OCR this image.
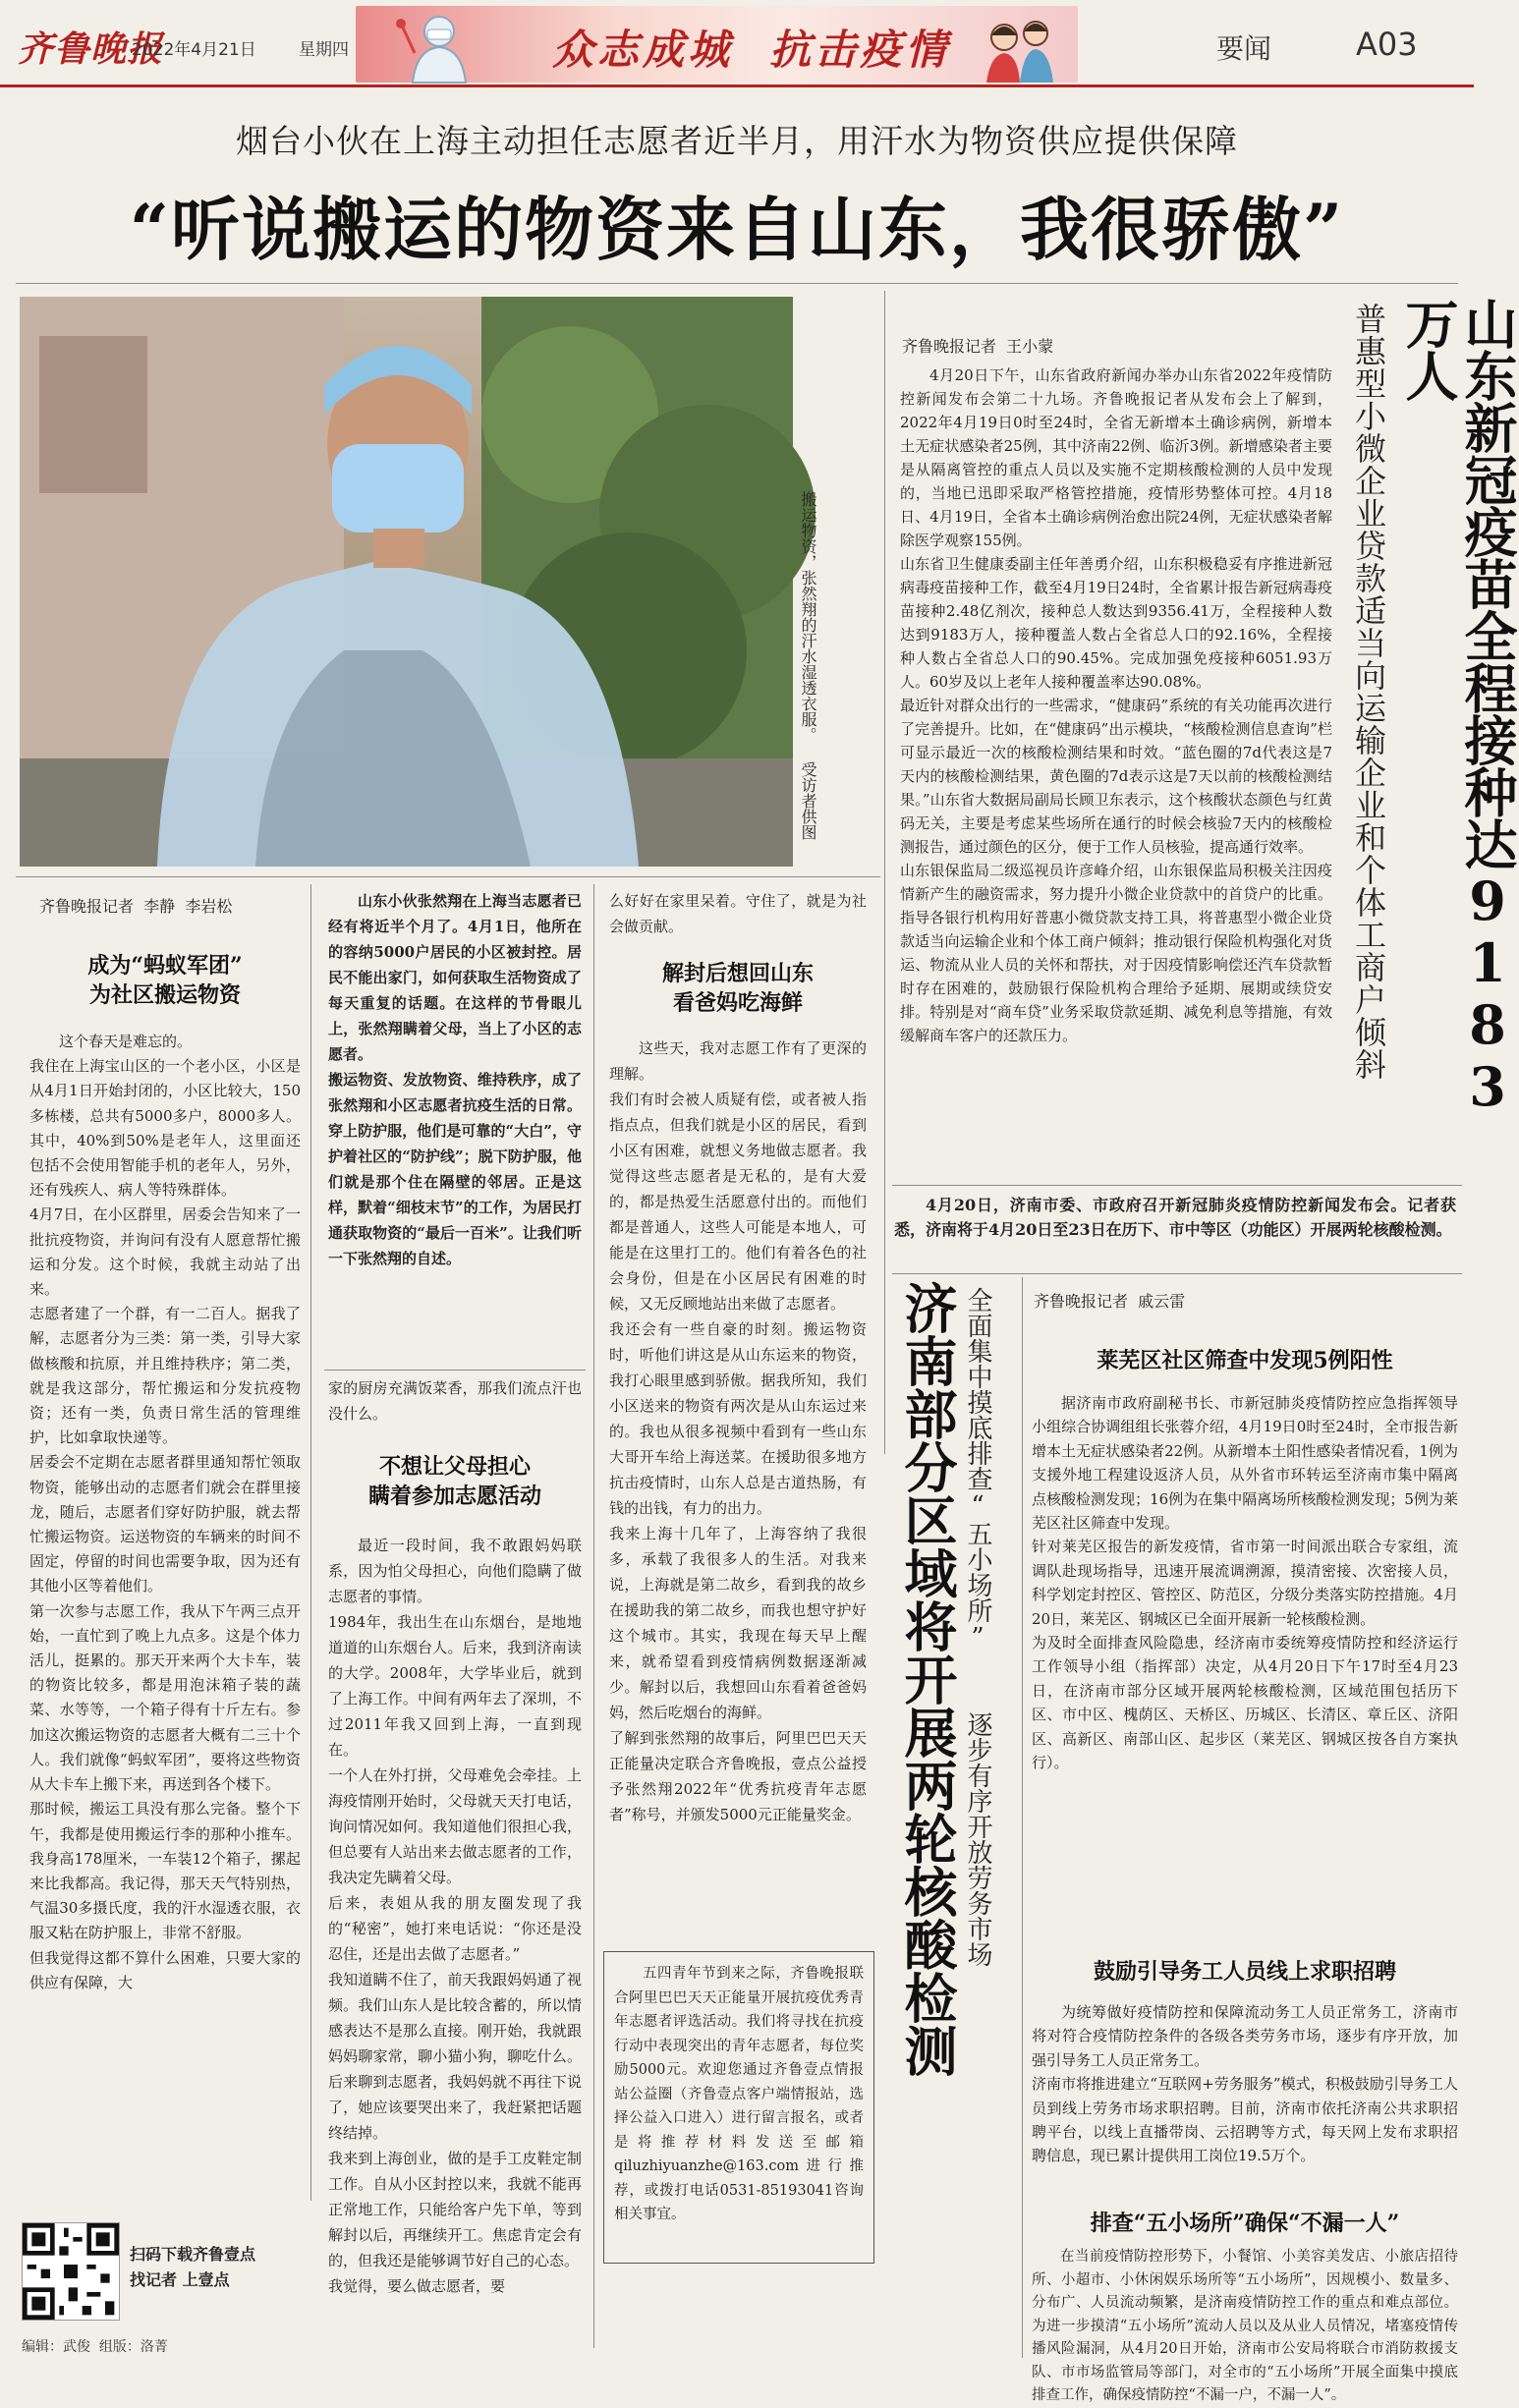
齐鲁晚报
2022年4月21日	星期四	众志成城  抗击疫情	要闻	A03
烟台小伙在上海主动担任志愿者近半月，用汗水为物资供应提供保障
“听说搬运的物资来自山东，我很骄傲”
搬运物资，张然翔的汗水湿透衣服。 受访者供图
齐鲁晚报记者  李静  李岩松
成为“蚂蚁军团”
为社区搬运物资
这个春天是难忘的。
我住在上海宝山区的一个老小区，小区是从4月1日开始封闭的，小区比较大，150多栋楼，总共有5000多户，8000多人。其中，40%到50%是老年人，这里面还包括不会使用智能手机的老年人，另外，还有残疾人、病人等特殊群体。
4月7日，在小区群里，居委会告知来了一批抗疫物资，并询问有没有人愿意帮忙搬运和分发。这个时候，我就主动站了出来。
志愿者建了一个群，有一二百人。据我了解，志愿者分为三类：第一类，引导大家做核酸和抗原，并且维持秩序；第二类，就是我这部分，帮忙搬运和分发抗疫物资；还有一类，负责日常生活的管理维护，比如拿取快递等。
居委会不定期在志愿者群里通知帮忙领取物资，能够出动的志愿者们就会在群里接龙，随后，志愿者们穿好防护服，就去帮忙搬运物资。运送物资的车辆来的时间不固定，停留的时间也需要争取，因为还有其他小区等着他们。
第一次参与志愿工作，我从下午两三点开始，一直忙到了晚上九点多。这是个体力活儿，挺累的。那天开来两个大卡车，装的物资比较多，都是用泡沫箱子装的蔬菜、水等等，一个箱子得有十斤左右。参加这次搬运物资的志愿者大概有二三十个人。我们就像“蚂蚁军团”，要将这些物资从大卡车上搬下来，再送到各个楼下。
那时候，搬运工具没有那么完备。整个下午，我都是使用搬运行李的那种小推车。我身高178厘米，一车装12个箱子，摞起来比我都高。我记得，那天天气特别热，气温30多摄氏度，我的汗水湿透衣服，衣服又粘在防护服上，非常不舒服。
但我觉得这都不算什么困难，只要大家的供应有保障，大
山东小伙张然翔在上海当志愿者已经有将近半个月了。4月1日，他所在的容纳5000户居民的小区被封控。居民不能出家门，如何获取生活物资成了每天重复的话题。在这样的节骨眼儿上，张然翔瞒着父母，当上了小区的志愿者。
搬运物资、发放物资、维持秩序，成了张然翔和小区志愿者抗疫生活的日常。穿上防护服，他们是可靠的“大白”，守护着社区的“防护线”；脱下防护服，他们就是那个住在隔壁的邻居。正是这样，默着“细枝末节”的工作，为居民打通获取物资的“最后一百米”。让我们听一下张然翔的自述。
家的厨房充满饭菜香，那我们流点汗也没什么。
不想让父母担心
瞒着参加志愿活动
最近一段时间，我不敢跟妈妈联系，因为怕父母担心，向他们隐瞒了做志愿者的事情。
1984年，我出生在山东烟台，是地地道道的山东烟台人。后来，我到济南读的大学。2008年，大学毕业后，就到了上海工作。中间有两年去了深圳，不过2011年我又回到上海，一直到现在。
一个人在外打拼，父母难免会牵挂。上海疫情刚开始时，父母就天天打电话，询问情况如何。我知道他们很担心我，但总要有人站出来去做志愿者的工作，我决定先瞒着父母。
后来，表姐从我的朋友圈发现了我的“秘密”，她打来电话说：“你还是没忍住，还是出去做了志愿者。”
我知道瞒不住了，前天我跟妈妈通了视频。我们山东人是比较含蓄的，所以情感表达不是那么直接。刚开始，我就跟妈妈聊家常，聊小猫小狗，聊吃什么。后来聊到志愿者，我妈妈就不再往下说了，她应该要哭出来了，我赶紧把话题终结掉。
我来到上海创业，做的是手工皮鞋定制工作。自从小区封控以来，我就不能再正常地工作，只能给客户先下单，等到解封以后，再继续开工。焦虑肯定会有的，但我还是能够调节好自己的心态。
我觉得，要么做志愿者，要
么好好在家里呆着。守住了，就是为社会做贡献。
解封后想回山东
看爸妈吃海鲜
这些天，我对志愿工作有了更深的理解。
我们有时会被人质疑有偿，或者被人指指点点，但我们就是小区的居民，看到小区有困难，就想义务地做志愿者。我觉得这些志愿者是无私的，是有大爱的，都是热爱生活愿意付出的。而他们都是普通人，这些人可能是本地人，可能是在这里打工的。他们有着各色的社会身份，但是在小区居民有困难的时候，又无反顾地站出来做了志愿者。
我还会有一些自豪的时刻。搬运物资时，听他们讲这是从山东运来的物资，我打心眼里感到骄傲。据我所知，我们小区送来的物资有两次是从山东运过来的。我也从很多视频中看到有一些山东大哥开车给上海送菜。在援助很多地方抗击疫情时，山东人总是古道热肠，有钱的出钱，有力的出力。
我来上海十几年了，上海容纳了我很多，承载了我很多人的生活。对我来说，上海就是第二故乡，看到我的故乡在援助我的第二故乡，而我也想守护好这个城市。其实，我现在每天早上醒来，就希望看到疫情病例数据逐渐减少。解封以后，我想回山东看着爸爸妈妈，然后吃烟台的海鲜。
了解到张然翔的故事后，阿里巴巴天天正能量决定联合齐鲁晚报，壹点公益授予张然翔2022年“优秀抗疫青年志愿者”称号，并颁发5000元正能量奖金。
五四青年节到来之际，齐鲁晚报联合阿里巴巴天天正能量开展抗疫优秀青年志愿者评选活动。我们将寻找在抗疫行动中表现突出的青年志愿者，每位奖励5000元。欢迎您通过齐鲁壹点情报站公益圈（齐鲁壹点客户端情报站，选择公益入口进入）进行留言报名，或者是将推荐材料发送至邮箱qiluzhiyuanzhe@163.com进行推荐，或拨打电话0531-85193041咨询相关事宜。
扫码下载齐鲁壹点
找记者 上壹点
编辑：武俊  组版：洛菁
齐鲁晚报记者  王小蒙
4月20日下午，山东省政府新闻办举办山东省2022年疫情防控新闻发布会第二十九场。齐鲁晚报记者从发布会上了解到，2022年4月19日0时至24时，全省无新增本土确诊病例，新增本土无症状感染者25例，其中济南22例、临沂3例。新增感染者主要是从隔离管控的重点人员以及实施不定期核酸检测的人员中发现的，当地已迅即采取严格管控措施，疫情形势整体可控。4月18日、4月19日，全省本土确诊病例治愈出院24例，无症状感染者解除医学观察155例。
山东省卫生健康委副主任年善勇介绍，山东积极稳妥有序推进新冠病毒疫苗接种工作，截至4月19日24时，全省累计报告新冠病毒疫苗接种2.48亿剂次，接种总人数达到9356.41万，全程接种人数达到9183万人，接种覆盖人数占全省总人口的92.16%，全程接种人数占全省总人口的90.45%。完成加强免疫接种6051.93万人。60岁及以上老年人接种覆盖率达90.08%。
最近针对群众出行的一些需求，“健康码”系统的有关功能再次进行了完善提升。比如，在“健康码”出示模块，“核酸检测信息查询”栏可显示最近一次的核酸检测结果和时效。“蓝色圈的7d代表这是7天内的核酸检测结果，黄色圈的7d表示这是7天以前的核酸检测结果。”山东省大数据局副局长顾卫东表示，这个核酸状态颜色与红黄码无关，主要是考虑某些场所在通行的时候会核验7天内的核酸检测报告，通过颜色的区分，便于工作人员核验，提高通行效率。
山东银保监局二级巡视员许彦峰介绍，山东银保监局积极关注因疫情新产生的融资需求，努力提升小微企业贷款中的首贷户的比重。指导各银行机构用好普惠小微贷款支持工具，将普惠型小微企业贷款适当向运输企业和个体工商户倾斜；推动银行保险机构强化对货运、物流从业人员的关怀和帮扶，对于因疫情影响偿还汽车贷款暂时存在困难的，鼓励银行保险机构合理给予延期、展期或续贷安排。特别是对“商车贷”业务采取贷款延期、减免利息等措施，有效缓解商车客户的还款压力。	普惠型小微企业贷款适当向运输企业和个体工商户倾斜	山东新冠疫苗全程接种达9183万人
4月20日，济南市委、市政府召开新冠肺炎疫情防控新闻发布会。记者获悉，济南将于4月20日至23日在历下、市中等区（功能区）开展两轮核酸检测。
济南部分区域将开展两轮核酸检测 全面集中摸底排查“五小场所”  逐步有序开放劳务市场	齐鲁晚报记者  戚云雷
莱芜区社区筛查中发现5例阳性
据济南市政府副秘书长、市新冠肺炎疫情防控应急指挥领导小组综合协调组组长张蓉介绍，4月19日0时至24时，全市报告新增本土无症状感染者22例。从新增本土阳性感染者情况看，1例为支援外地工程建设返济人员，从外省市环转运至济南市集中隔离点核酸检测发现；16例为在集中隔离场所核酸检测发现；5例为莱芜区社区筛查中发现。
针对莱芜区报告的新发疫情，省市第一时间派出联合专家组，流调队赴现场指导，迅速开展流调溯源，摸清密接、次密接人员，科学划定封控区、管控区、防范区，分级分类落实防控措施。4月20日，莱芜区、钢城区已全面开展新一轮核酸检测。
为及时全面排查风险隐患，经济南市委统筹疫情防控和经济运行工作领导小组（指挥部）决定，从4月20日下午17时至4月23日，在济南市部分区域开展两轮核酸检测，区域范围包括历下区、市中区、槐荫区、天桥区、历城区、长清区、章丘区、济阳区、高新区、南部山区、起步区（莱芜区、钢城区按各自方案执行）。
鼓励引导务工人员线上求职招聘
为统筹做好疫情防控和保障流动务工人员正常务工，济南市将对符合疫情防控条件的各级各类劳务市场，逐步有序开放，加强引导务工人员正常务工。
济南市将推进建立“互联网+劳务服务”模式，积极鼓励引导务工人员到线上劳务市场求职招聘。目前，济南市依托济南公共求职招聘平台，以线上直播带岗、云招聘等方式，每天网上发布求职招聘信息，现已累计提供用工岗位19.5万个。
排查“五小场所”确保“不漏一人”
在当前疫情防控形势下，小餐馆、小美容美发店、小旅店招待所、小超市、小休闲娱乐场所等“五小场所”，因规模小、数量多、分布广、人员流动频繁，是济南疫情防控工作的重点和难点部位。为进一步摸清“五小场所”流动人员以及从业人员情况，堵塞疫情传播风险漏洞，从4月20日开始，济南市公安局将联合市消防救援支队、市市场监管局等部门，对全市的“五小场所”开展全面集中摸底排查工作，确保疫情防控“不漏一户，不漏一人”。
